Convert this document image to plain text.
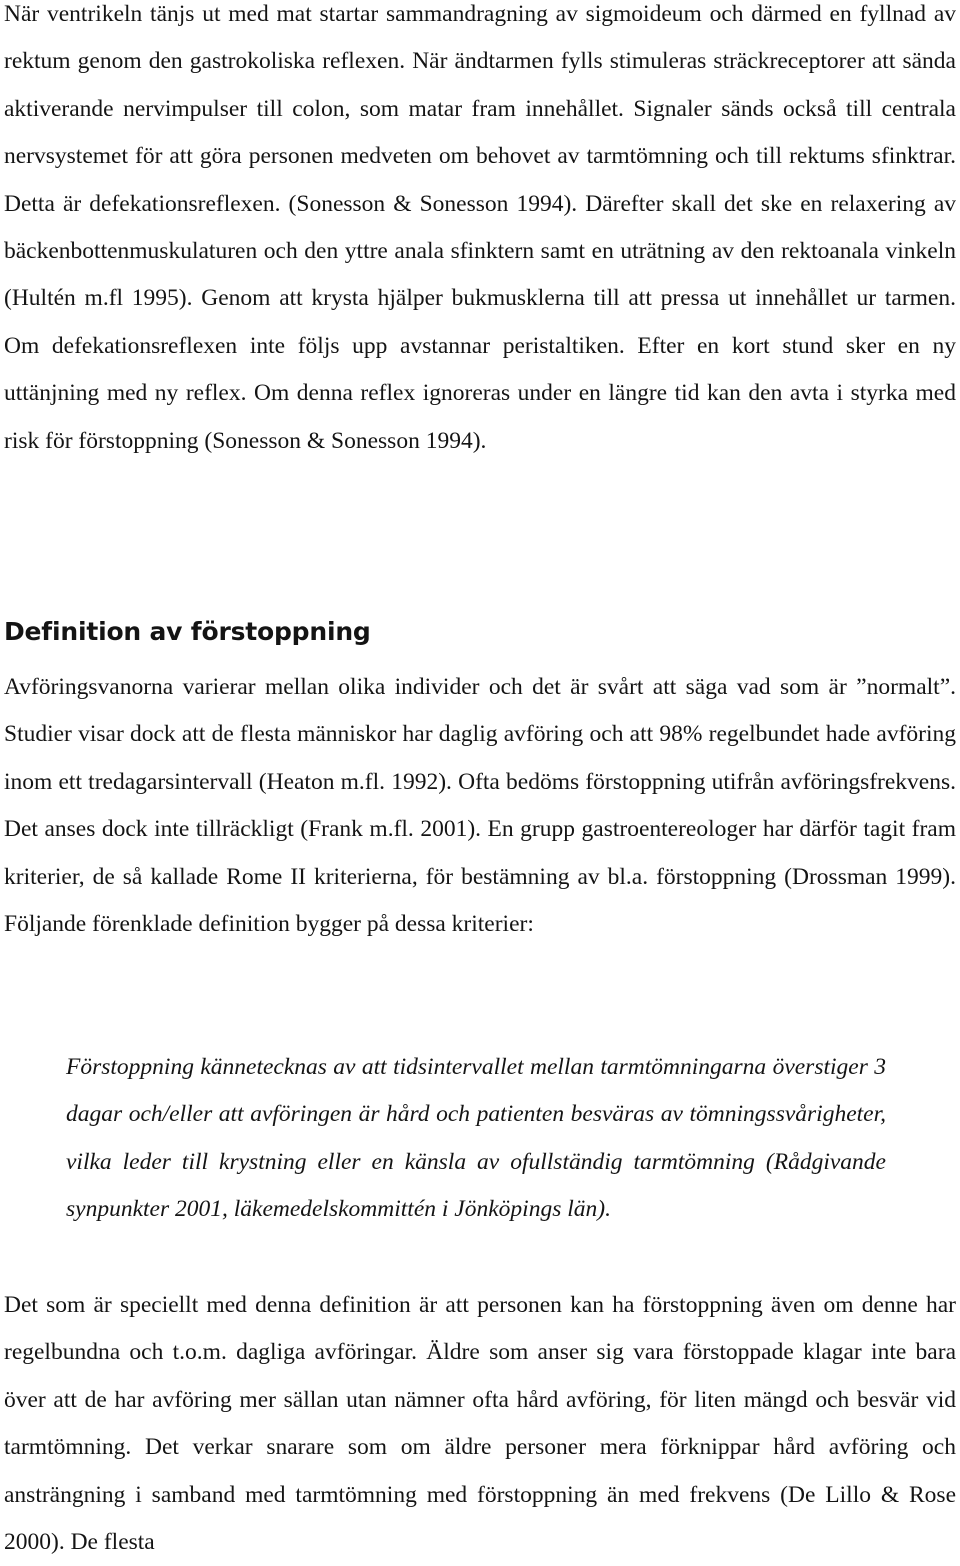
När ventrikeln tänjs ut med mat startar sammandragning av sigmoideum och därmed en fyllnad av rektum genom den gastrokoliska reflexen. När ändtarmen fylls stimuleras sträckreceptorer att sända aktiverande nervimpulser till colon, som matar fram innehållet. Signaler sänds också till centrala nervsystemet för att göra personen medveten om behovet av tarmtömning och till rektums sfinktrar. Detta är defekationsreflexen. (Sonesson & Sonesson 1994). Därefter skall det ske en relaxering av bäckenbottenmuskulaturen och den yttre anala sfinktern samt en uträtning av den rektoanala vinkeln (Hultén m.fl 1995). Genom att krysta hjälper bukmusklerna till att pressa ut innehållet ur tarmen. Om defekationsreflexen inte följs upp avstannar peristaltiken. Efter en kort stund sker en ny uttänjning med ny reflex. Om denna reflex ignoreras under en längre tid kan den avta i styrka med risk för förstoppning (Sonesson & Sonesson 1994).

Definition av förstoppning

Avföringsvanorna varierar mellan olika individer och det är svårt att säga vad som är ”normalt”. Studier visar dock att de flesta människor har daglig avföring och att 98% regelbundet hade avföring inom ett tredagarsintervall (Heaton m.fl. 1992). Ofta bedöms förstoppning utifrån avföringsfrekvens. Det anses dock inte tillräckligt (Frank m.fl. 2001). En grupp gastroentereologer har därför tagit fram kriterier, de så kallade Rome II kriterierna, för bestämning av bl.a. förstoppning (Drossman 1999). Följande förenklade definition bygger på dessa kriterier:

Förstoppning kännetecknas av att tidsintervallet mellan tarmtömningarna överstiger 3 dagar och/eller att avföringen är hård och patienten besväras av tömningssvårigheter, vilka leder till krystning eller en känsla av ofullständig tarmtömning (Rådgivande synpunkter 2001, läkemedelskommittén i Jönköpings län).

Det som är speciellt med denna definition är att personen kan ha förstoppning även om denne har regelbundna och t.o.m. dagliga avföringar. Äldre som anser sig vara förstoppade klagar inte bara över att de har avföring mer sällan utan nämner ofta hård avföring, för liten mängd och besvär vid tarmtömning. Det verkar snarare som om äldre personer mera förknippar hård avföring och ansträngning i samband med tarmtömning med förstoppning än med frekvens (De Lillo & Rose 2000). De flesta
